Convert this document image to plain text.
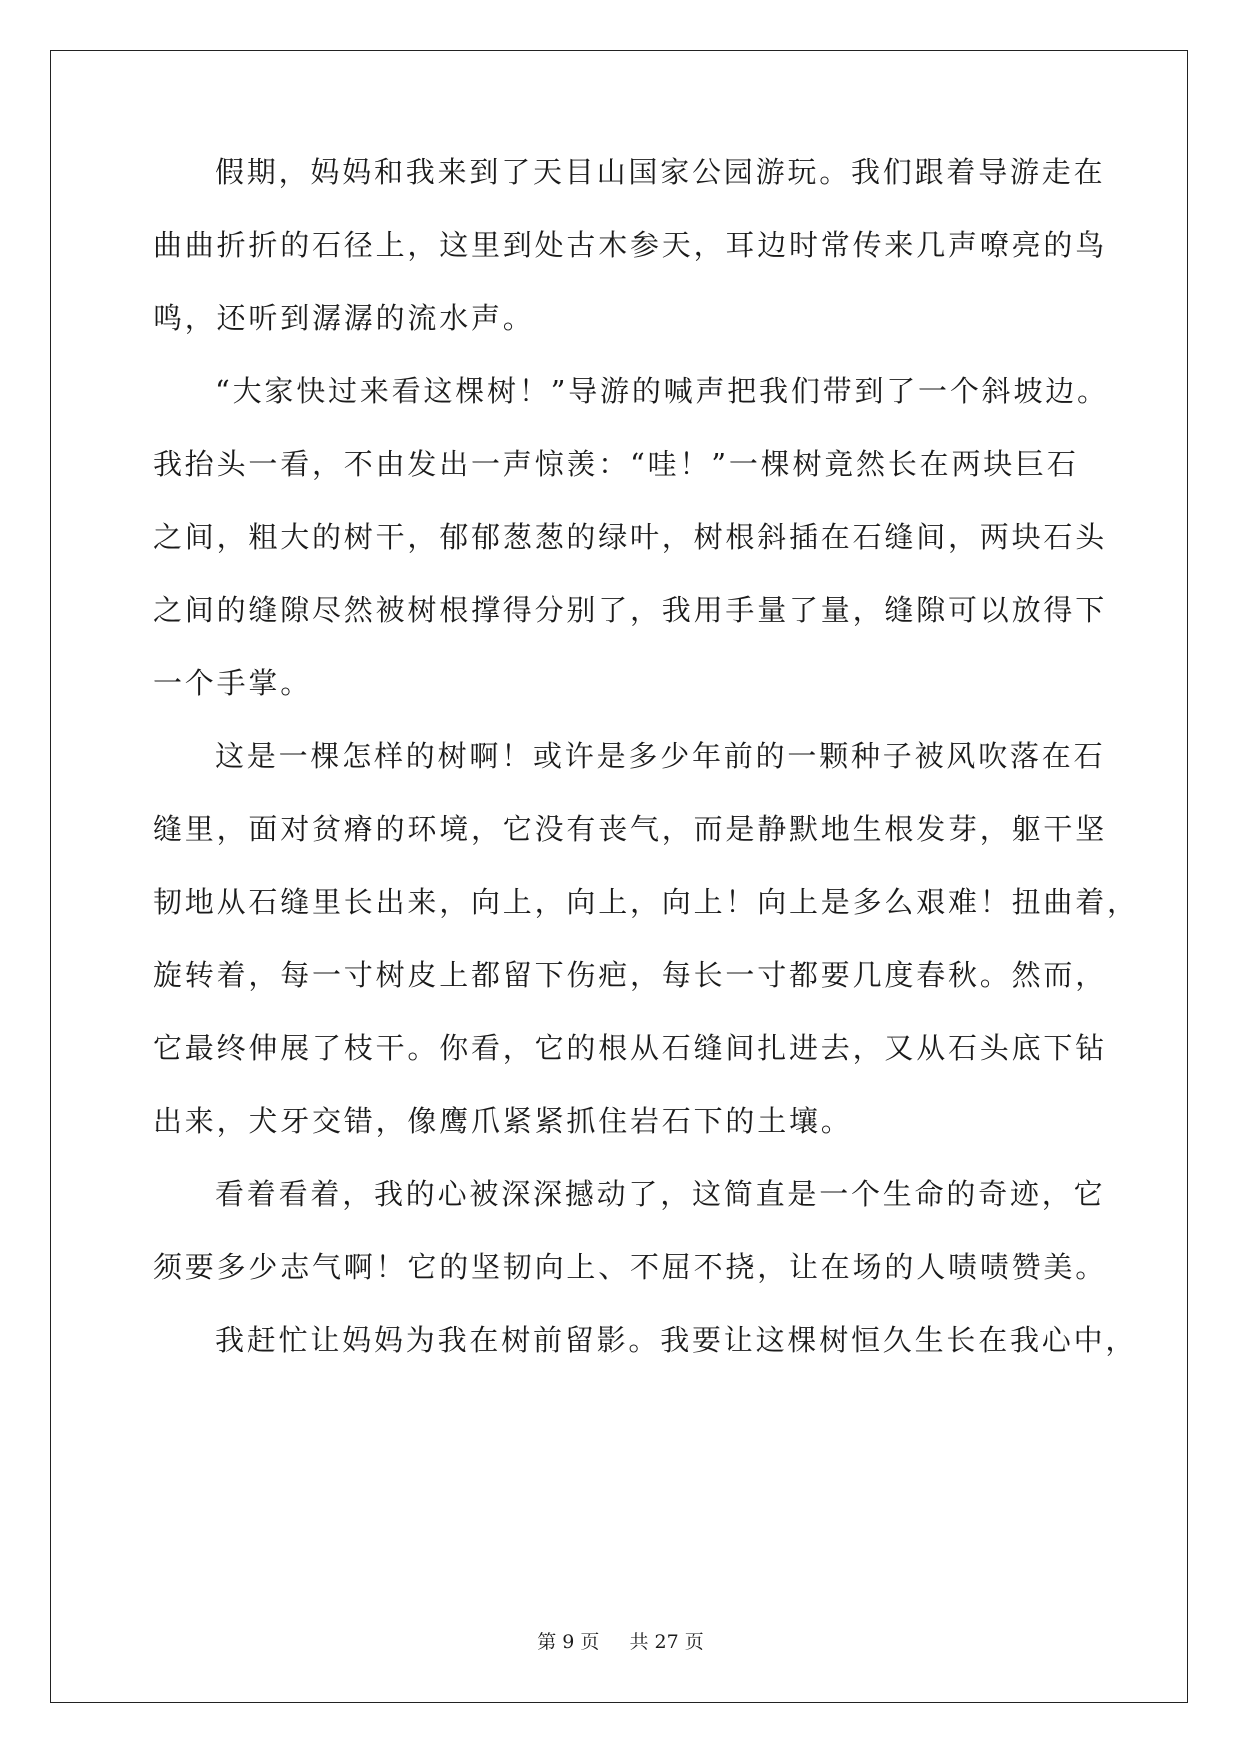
假期，妈妈和我来到了天目山国家公园游玩。我们跟着导游走在
曲曲折折的石径上，这里到处古木参天，耳边时常传来几声嘹亮的鸟
鸣，还听到潺潺的流水声。
“大家快过来看这棵树！”导游的喊声把我们带到了一个斜坡边。
我抬头一看，不由发出一声惊羡：“哇！”一棵树竟然长在两块巨石
之间，粗大的树干，郁郁葱葱的绿叶，树根斜插在石缝间，两块石头
之间的缝隙尽然被树根撑得分别了，我用手量了量，缝隙可以放得下
一个手掌。
这是一棵怎样的树啊！或许是多少年前的一颗种子被风吹落在石
缝里，面对贫瘠的环境，它没有丧气，而是静默地生根发芽，躯干坚
韧地从石缝里长出来，向上，向上，向上！向上是多么艰难！扭曲着，
旋转着，每一寸树皮上都留下伤疤，每长一寸都要几度春秋。然而，
它最终伸展了枝干。你看，它的根从石缝间扎进去，又从石头底下钻
出来，犬牙交错，像鹰爪紧紧抓住岩石下的土壤。
看着看着，我的心被深深撼动了，这简直是一个生命的奇迹，它
须要多少志气啊！它的坚韧向上、不屈不挠，让在场的人啧啧赞美。
我赶忙让妈妈为我在树前留影。我要让这棵树恒久生长在我心中，
第 9 页 共 27 页
